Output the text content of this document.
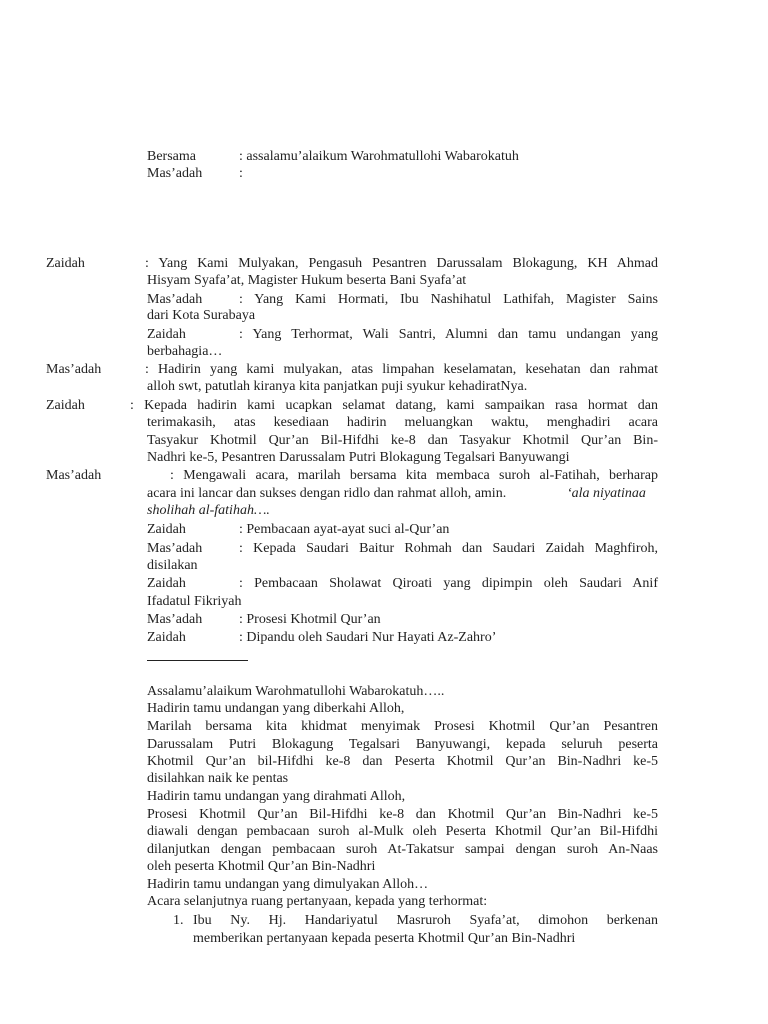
Bersama	: assalamu’alaikum Warohmatullohi Wabarokatuh
Mas’adah	:
Zaidah	: Yang Kami Mulyakan, Pengasuh Pesantren Darussalam Blokagung, KH Ahmad
Hisyam Syafa’at, Magister Hukum beserta Bani Syafa’at
Mas’adah	: Yang Kami Hormati, Ibu Nashihatul Lathifah, Magister Sains
dari Kota Surabaya
Zaidah	: Yang Terhormat, Wali Santri, Alumni dan tamu undangan yang
berbahagia…
Mas’adah	: Hadirin yang kami mulyakan, atas limpahan keselamatan, kesehatan dan rahmat
alloh swt, patutlah kiranya kita panjatkan puji syukur kehadiratNya.
Zaidah	: Kepada hadirin kami ucapkan selamat datang, kami sampaikan rasa hormat dan
terimakasih, atas kesediaan hadirin meluangkan waktu, menghadiri acara
Tasyakur Khotmil Qur’an Bil-Hifdhi ke-8 dan Tasyakur Khotmil Qur’an Bin-
Nadhri ke-5, Pesantren Darussalam Putri Blokagung Tegalsari Banyuwangi
Mas’adah	: Mengawali acara, marilah bersama kita membaca suroh al-Fatihah, berharap
acara ini lancar dan sukses dengan ridlo dan rahmat alloh, amin.	‘ala niyatinaa
sholihah al-fatihah….
Zaidah	: Pembacaan ayat-ayat suci al-Qur’an
Mas’adah	: Kepada Saudari Baitur Rohmah dan Saudari Zaidah Maghfiroh,
disilakan
Zaidah	: Pembacaan Sholawat Qiroati yang dipimpin oleh Saudari Anif
Ifadatul Fikriyah
Mas’adah	: Prosesi Khotmil Qur’an
Zaidah	: Dipandu oleh Saudari Nur Hayati Az-Zahro’
Assalamu’alaikum Warohmatullohi Wabarokatuh…..
Hadirin tamu undangan yang diberkahi Alloh,
Marilah bersama kita khidmat menyimak Prosesi Khotmil Qur’an Pesantren
Darussalam Putri Blokagung Tegalsari Banyuwangi, kepada seluruh peserta
Khotmil Qur’an bil-Hifdhi ke-8 dan Peserta Khotmil Qur’an Bin-Nadhri ke-5
disilahkan naik ke pentas
Hadirin tamu undangan yang dirahmati Alloh,
Prosesi Khotmil Qur’an Bil-Hifdhi ke-8 dan Khotmil Qur’an Bin-Nadhri ke-5
diawali dengan pembacaan suroh al-Mulk oleh Peserta Khotmil Qur’an Bil-Hifdhi
dilanjutkan dengan pembacaan suroh At-Takatsur sampai dengan suroh An-Naas
oleh peserta Khotmil Qur’an Bin-Nadhri
Hadirin tamu undangan yang dimulyakan Alloh…
Acara selanjutnya ruang pertanyaan, kepada yang terhormat:
1. Ibu Ny. Hj. Handariyatul Masruroh Syafa’at, dimohon berkenan
memberikan pertanyaan kepada peserta Khotmil Qur’an Bin-Nadhri
